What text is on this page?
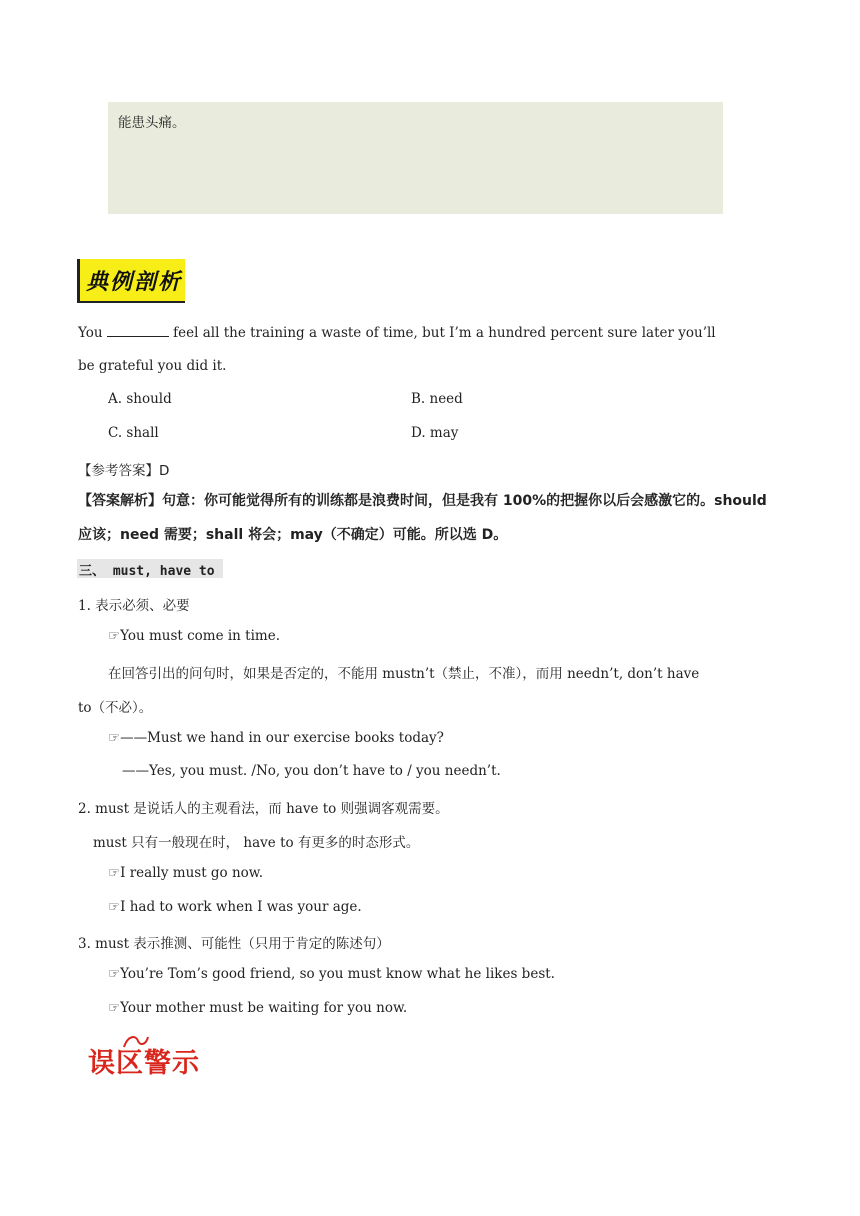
能患头痛。
典例剖析
You	feel all the training a waste of time, but I’m a hundred percent sure later you’ll
be grateful you did it.
A. should	B. need
C. shall	D. may
【参考答案】D
【答案解析】句意：你可能觉得所有的训练都是浪费时间，但是我有 100%的把握你以后会感激它的。should
应该；need 需要；shall 将会；may（不确定）可能。所以选 D。
三、 must, have to
1. 表示必须、必要
☞You must come in time.
在回答引出的问句时，如果是否定的，不能用 mustn’t（禁止，不准），而用 needn’t, don’t have
to（不必）。
☞——Must we hand in our exercise books today?
——Yes, you must. /No, you don’t have to / you needn’t.
2. must 是说话人的主观看法，而 have to 则强调客观需要。
must 只有一般现在时， have to 有更多的时态形式。
☞I really must go now.
☞I had to work when I was your age.
3. must 表示推测、可能性（只用于肯定的陈述句）
☞You’re Tom’s good friend, so you must know what he likes best.
☞Your mother must be waiting for you now.
误区警示
